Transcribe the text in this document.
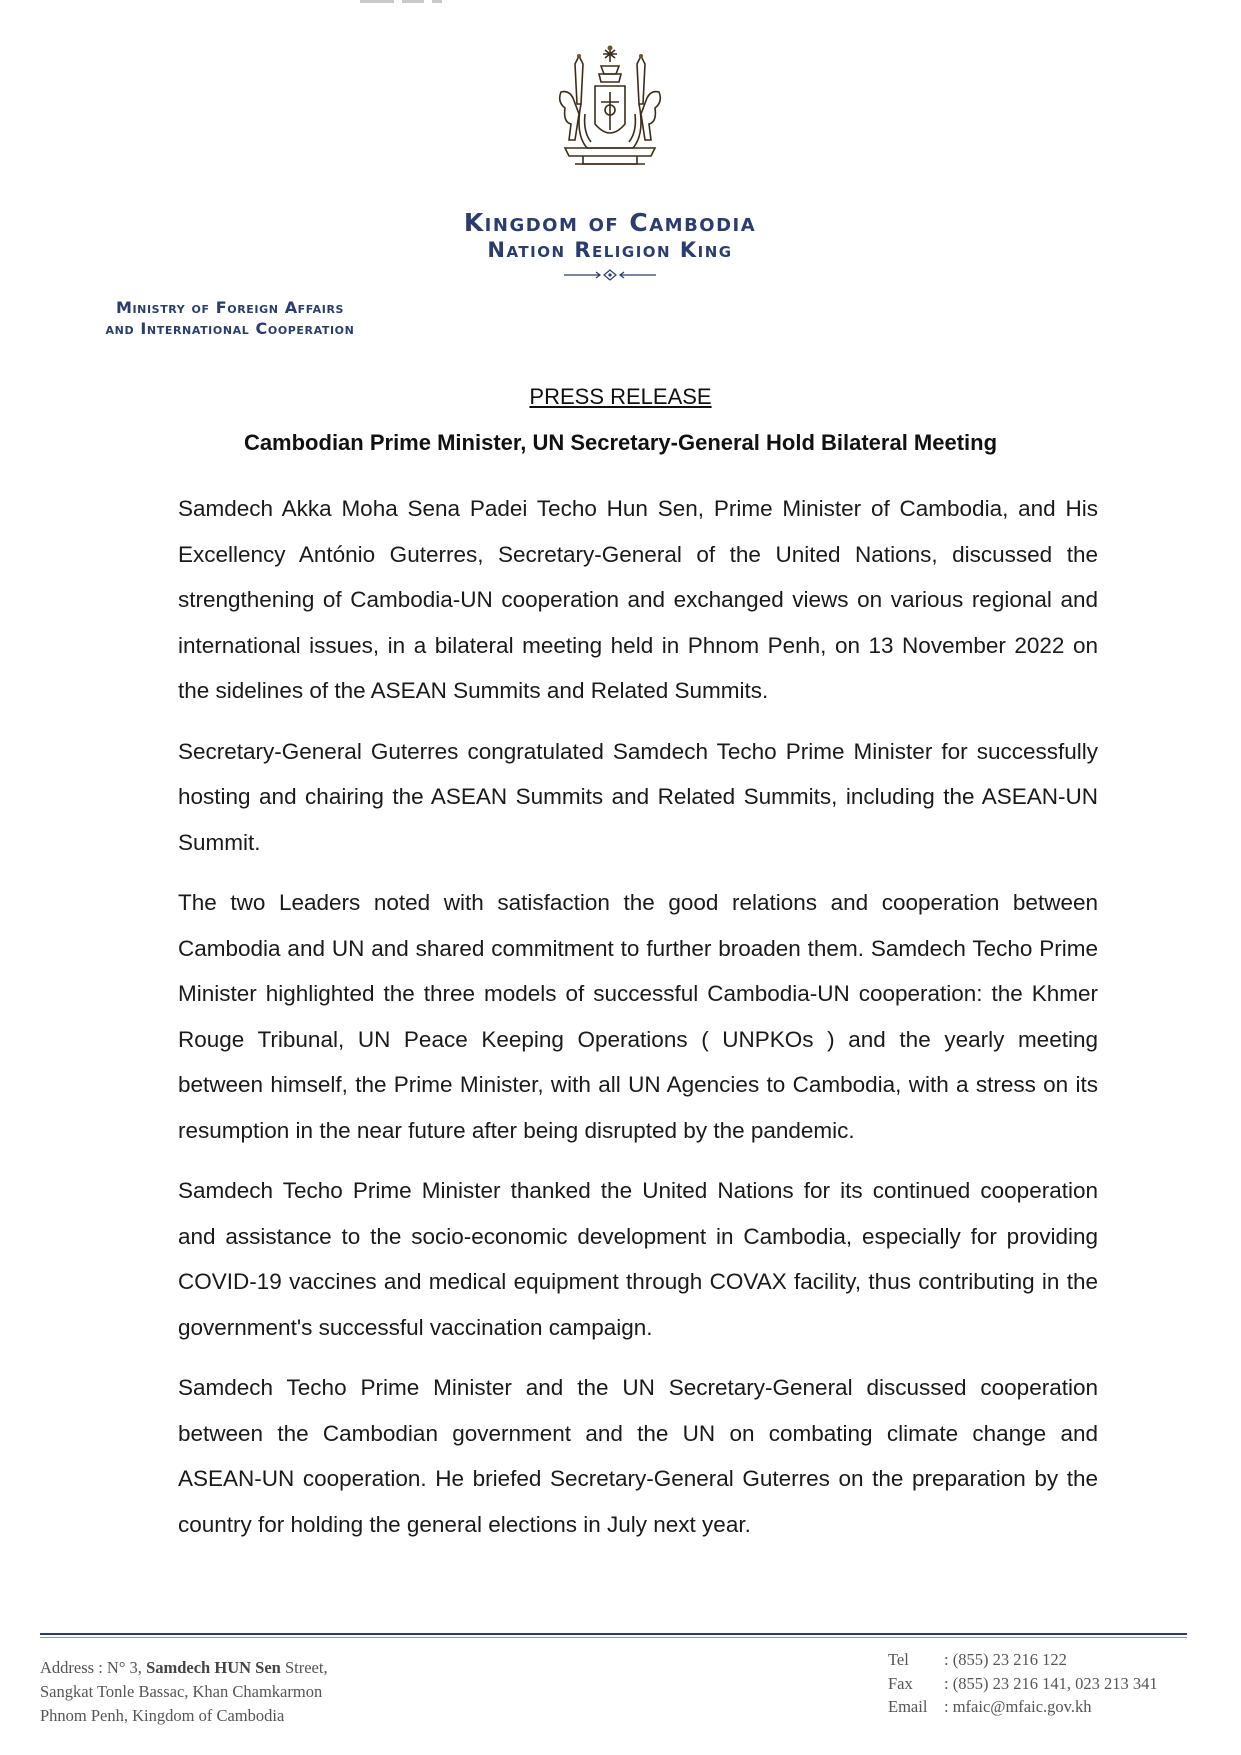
Kingdom of Cambodia
Nation Religion King
Ministry of Foreign Affairs
and International Cooperation
PRESS RELEASE
Cambodian Prime Minister, UN Secretary-General Hold Bilateral Meeting

Samdech Akka Moha Sena Padei Techo Hun Sen, Prime Minister of Cambodia, and His Excellency António Guterres, Secretary-General of the United Nations, discussed the strengthening of Cambodia-UN cooperation and exchanged views on various regional and international issues, in a bilateral meeting held in Phnom Penh, on 13 November 2022 on the sidelines of the ASEAN Summits and Related Summits.

Secretary-General Guterres congratulated Samdech Techo Prime Minister for successfully hosting and chairing the ASEAN Summits and Related Summits, including the ASEAN-UN Summit.

The two Leaders noted with satisfaction the good relations and cooperation between Cambodia and UN and shared commitment to further broaden them. Samdech Techo Prime Minister highlighted the three models of successful Cambodia-UN cooperation: the Khmer Rouge Tribunal, UN Peace Keeping Operations ( UNPKOs ) and the yearly meeting between himself, the Prime Minister, with all UN Agencies to Cambodia, with a stress on its resumption in the near future after being disrupted by the pandemic.

Samdech Techo Prime Minister thanked the United Nations for its continued cooperation and assistance to the socio-economic development in Cambodia, especially for providing COVID-19 vaccines and medical equipment through COVAX facility, thus contributing in the government's successful vaccination campaign.

Samdech Techo Prime Minister and the UN Secretary-General discussed cooperation between the Cambodian government and the UN on combating climate change and ASEAN-UN cooperation. He briefed Secretary-General Guterres on the preparation by the country for holding the general elections in July next year.

Address : N° 3, Samdech HUN Sen Street,
Sangkat Tonle Bassac, Khan Chamkarmon
Phnom Penh, Kingdom of Cambodia
Tel : (855) 23 216 122
Fax : (855) 23 216 141, 023 213 341
Email : mfaic@mfaic.gov.kh
